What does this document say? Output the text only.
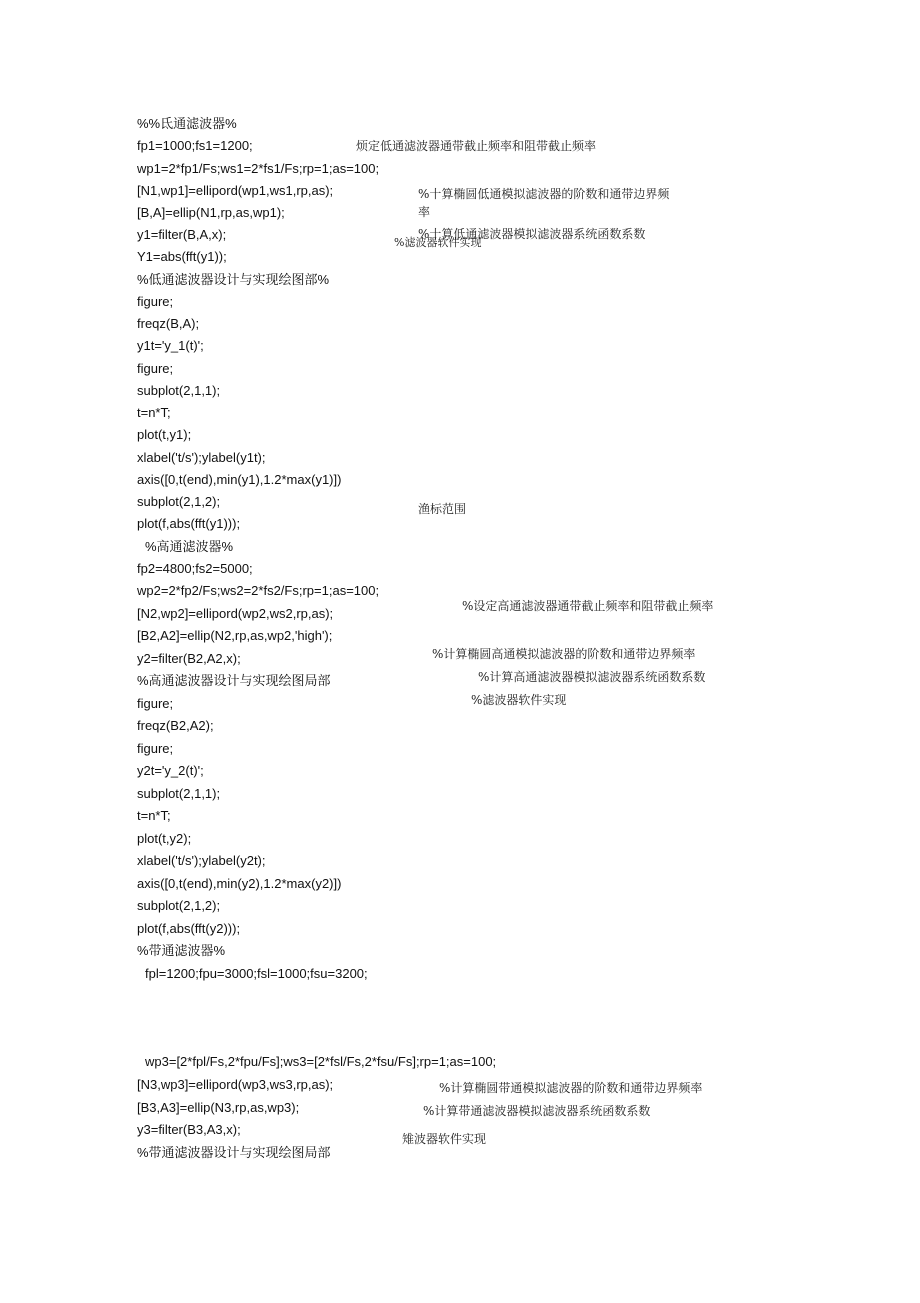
%%氐通滤波器%
fp1=1000;fs1=1200;
wp1=2*fp1/Fs;ws1=2*fs1/Fs;rp=1;as=100;
[N1,wp1]=ellipord(wp1,ws1,rp,as);
[B,A]=ellip(N1,rp,as,wp1);
y1=filter(B,A,x);
Y1=abs(fft(y1));
%低通滤波器设计与实现绘图部%
figure;
freqz(B,A);
y1t='y_1(t)';
figure;
subplot(2,1,1);
t=n*T;
plot(t,y1);
xlabel('t/s');ylabel(y1t);
axis([0,t(end),min(y1),1.2*max(y1)])
subplot(2,1,2);
plot(f,abs(fft(y1)));
%高通滤波器%
fp2=4800;fs2=5000;
wp2=2*fp2/Fs;ws2=2*fs2/Fs;rp=1;as=100;
[N2,wp2]=ellipord(wp2,ws2,rp,as);
[B2,A2]=ellip(N2,rp,as,wp2,'high');
y2=filter(B2,A2,x);
%高通滤波器设计与实现绘图局部
figure;
freqz(B2,A2);
figure;
y2t='y_2(t)';
subplot(2,1,1);
t=n*T;
plot(t,y2);
xlabel('t/s');ylabel(y2t);
axis([0,t(end),min(y2),1.2*max(y2)])
subplot(2,1,2);
plot(f,abs(fft(y2)));
%带通滤波器%
fpl=1200;fpu=3000;fsl=1000;fsu=3200;
wp3=[2*fpl/Fs,2*fpu/Fs];ws3=[2*fsl/Fs,2*fsu/Fs];rp=1;as=100;
[N3,wp3]=ellipord(wp3,ws3,rp,as);
[B3,A3]=ellip(N3,rp,as,wp3);
y3=filter(B3,A3,x);
%带通滤波器设计与实现绘图局部
烦定低通滤波器通带截止频率和阻带截止频率
%十算椭圆低通模拟滤波器的阶数和通带边界频
率
%十算低通滤波器模拟滤波器系统函数系数
%滤波器软件实现
渔标范围
%设定高通滤波器通带截止频率和阻带截止频率
%计算椭圆高通模拟滤波器的阶数和通带边界频率
%计算高通滤波器模拟滤波器系统函数系数
%滤波器软件实现
%计算椭圆带通模拟滤波器的阶数和通带边界频率
%计算带通滤波器模拟滤波器系统函数系数
雉波器软件实现
